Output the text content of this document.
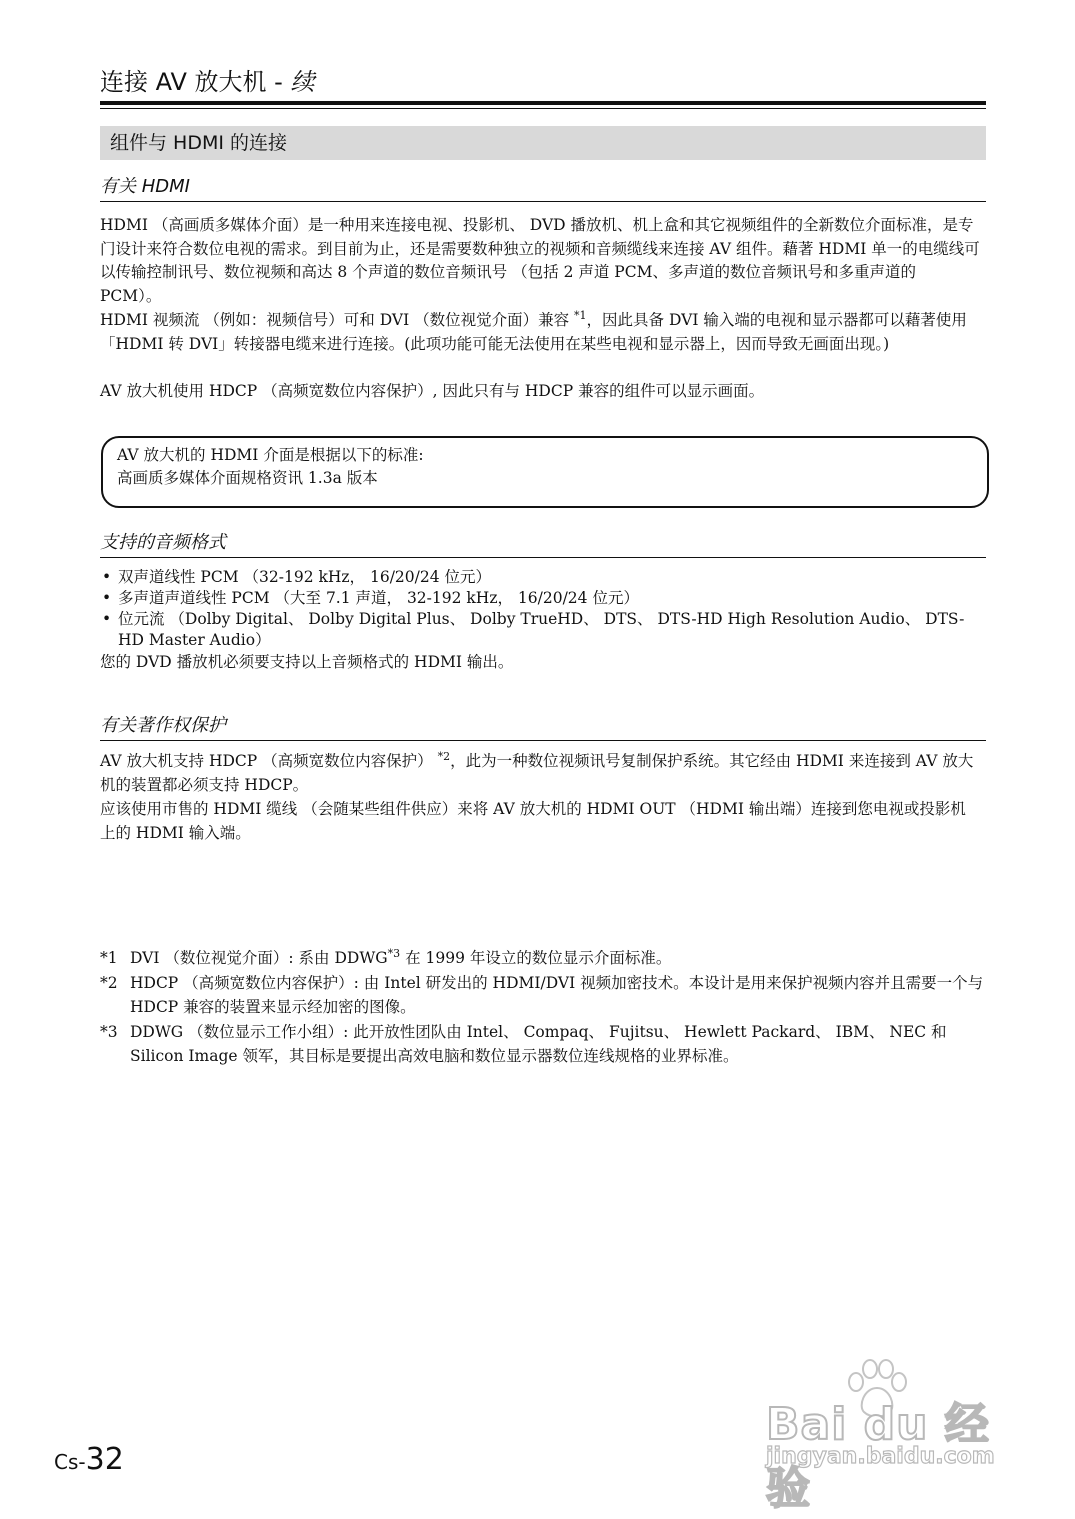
连接 AV 放大机 - 续
组件与 HDMI 的连接
有关 HDMI

HDMI （高画质多媒体介面）是一种用来连接电视、投影机、 DVD 播放机、机上盒和其它视频组件的全新数位介面标准，是专门设计来符合数位电视的需求。到目前为止，还是需要数种独立的视频和音频缆线来连接 AV 组件。藉著 HDMI 单一的电缆线可以传输控制讯号、数位视频和高达 8 个声道的数位音频讯号 （包括 2 声道 PCM、多声道的数位音频讯号和多重声道的 PCM）。

HDMI 视频流 （例如：视频信号）可和 DVI （数位视觉介面）兼容 $^{*1}$，因此具备 DVI 输入端的电视和显示器都可以藉著使用 「HDMI 转 DVI」转接器电缆来进行连接。(此项功能可能无法使用在某些电视和显示器上，因而导致无画面出现。)

AV 放大机使用 HDCP （高频宽数位内容保护）, 因此只有与 HDCP 兼容的组件可以显示画面。

AV 放大机的 HDMI 介面是根据以下的标准:
高画质多媒体介面规格资讯 1.3a 版本
支持的音频格式
• 双声道线性 PCM （32-192 kHz， 16/20/24 位元）
• 多声道声道线性 PCM （大至 7.1 声道， 32-192 kHz， 16/20/24 位元）
• 位元流 （Dolby Digital、 Dolby Digital Plus、 Dolby TrueHD、 DTS、 DTS-HD High Resolution Audio、 DTS-HD Master Audio）

您的 DVD 播放机必须要支持以上音频格式的 HDMI 输出。

有关著作权保护

AV 放大机支持 HDCP （高频宽数位内容保护） $^{*2}$，此为一种数位视频讯号复制保护系统。其它经由 HDMI 来连接到 AV 放大机的装置都必须支持 HDCP。

应该使用市售的 HDMI 缆线 （会随某些组件供应）来将 AV 放大机的 HDMI OUT （HDMI 输出端）连接到您电视或投影机上的 HDMI 输入端。

*1 DVI （数位视觉介面）: 系由 DDWG$^{*3}$ 在 1999 年设立的数位显示介面标准。
*2 HDCP （高频宽数位内容保护）: 由 Intel 研发出的 HDMI/DVI 视频加密技术。本设计是用来保护视频内容并且需要一个与 HDCP 兼容的装置来显示经加密的图像。
*3 DDWG （数位显示工作小组）: 此开放性团队由 Intel、 Compaq、 Fujitsu、 Hewlett Packard、 IBM、 NEC 和 Silicon Image 领军，其目标是要提出高效电脑和数位显示器数位连线规格的业界标准。
Bai du 经验
jingyan.baidu.com
Cs-32
